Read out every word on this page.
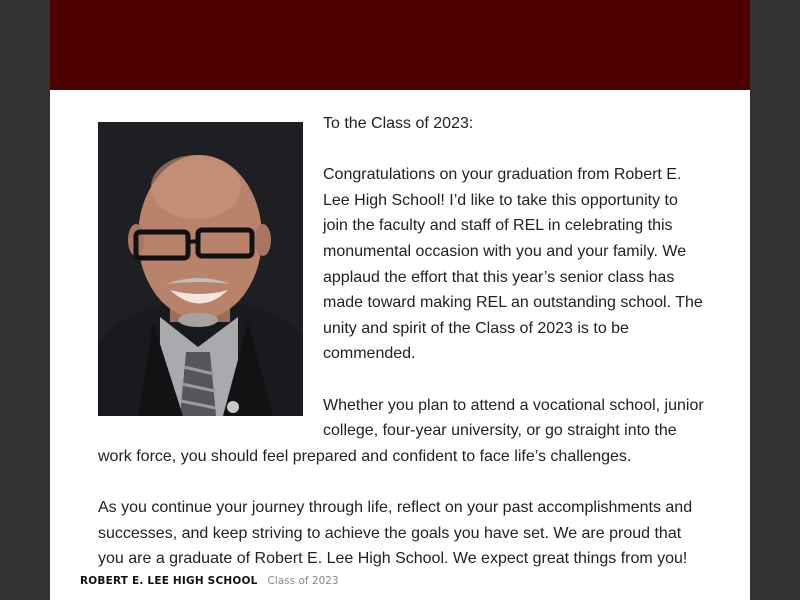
To the Class of 2023:

Congratulations on your graduation from Robert E. Lee High School! I’d like to take this opportunity to join the faculty and staff of REL in celebrating this monumental occasion with you and your family. We applaud the effort that this year’s senior class has made toward making REL an outstanding school. The unity and spirit of the Class of 2023 is to be commended.

Whether you plan to attend a vocational school, junior college, four-year university, or go straight into the work force, you should feel prepared and confident to face life’s challenges.

As you continue your journey through life, reflect on your past accomplishments and successes, and keep striving to achieve the goals you have set. We are proud that you are a graduate of Robert E. Lee High School. We expect great things from you!

ROBERT E. LEE HIGH SCHOOL Class of 2023
